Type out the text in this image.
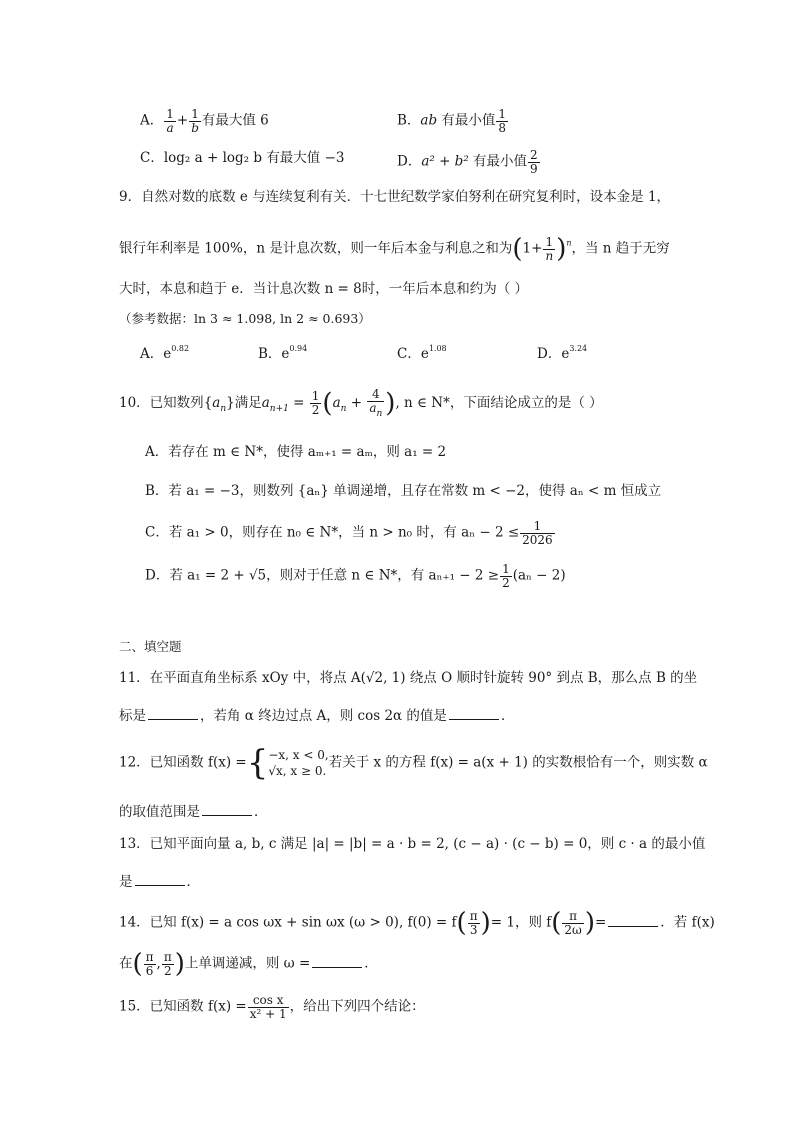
A． $\frac{1}{a} + \frac{1}{b}$ 有最大值 6	B．ab 有最小值 $\frac{1}{8}$
C．log₂ a + log₂ b 有最大值 −3	D．a² + b² 有最小值 $\frac{2}{9}$
9．自然对数的底数 e 与连续复利有关．十七世纪数学家伯努利在研究复利时，设本金是 1，
银行年利率是 100%，n 是计息次数，则一年后本金与利息之和为$(1+ \frac{1}{n} )^n$，当 n 趋于无穷
大时，本息和趋于 e．当计息次数 n = 8时，一年后本息和约为（ ）
（参考数据：ln 3 ≈ 1.098, ln 2 ≈ 0.693）
A．$e^{0.82}$	B．$e^{0.94}$	C．$e^{1.08}$	D．$e^{3.24}$
10．已知数列$\{a_n\}$满足$a_{n+1} = \frac{1}{2} (a_n + \frac{4}{a_n}$ ), n ∈ N*，下面结论成立的是（ ）
A．若存在 m ∈ N*，使得 aₘ₊₁ = aₘ，则 a₁ = 2
B．若 a₁ = −3，则数列 {aₙ} 单调递增，且存在常数 m < −2，使得 aₙ < m 恒成立
C．若 a₁ > 0，则存在 n₀ ∈ N*，当 n > n₀ 时，有 $a_n - 2 \le \frac{1}{2026}$
D．若 a₁ = 2 + √5，则对于任意 n ∈ N*，有 $a_{n+1} - 2 \ge \frac{1}{2} (a_n - 2)$
二、填空题
11．在平面直角坐标系 xOy 中，将点 A(√2, 1) 绕点 O 顺时针旋转 90° 到点 B，那么点 B 的坐
标是	，若角 α 终边过点 A，则 cos 2α 的值是	．
12．已知函数 f(x) ={ −x, x < 0,
√x, x ≥ 0.
若关于 x 的方程 f(x) = a(x + 1) 的实数根恰有一个，则实数 α
的取值范围是	．
13．已知平面向量 a, b, c 满足 |a| = |b| = a · b = 2, (c − a) · (c − b) = 0，则 c · a 的最小值
是	．
14．已知 f(x) = a cos ωx + sin ωx (ω > 0), $f(0) = f( \frac{\pi}{3}$ )= 1，则 $f( \frac{\pi}{2\omega}$ )=	．若 f(x)
在( $\frac{\pi}{6}$ , $\frac{\pi}{2}$ )上单调递减，则 ω =	．
15．已知函数 $f(x) = \frac{\text{cos x}}{\text{x² + 1}}$ ，给出下列四个结论：
